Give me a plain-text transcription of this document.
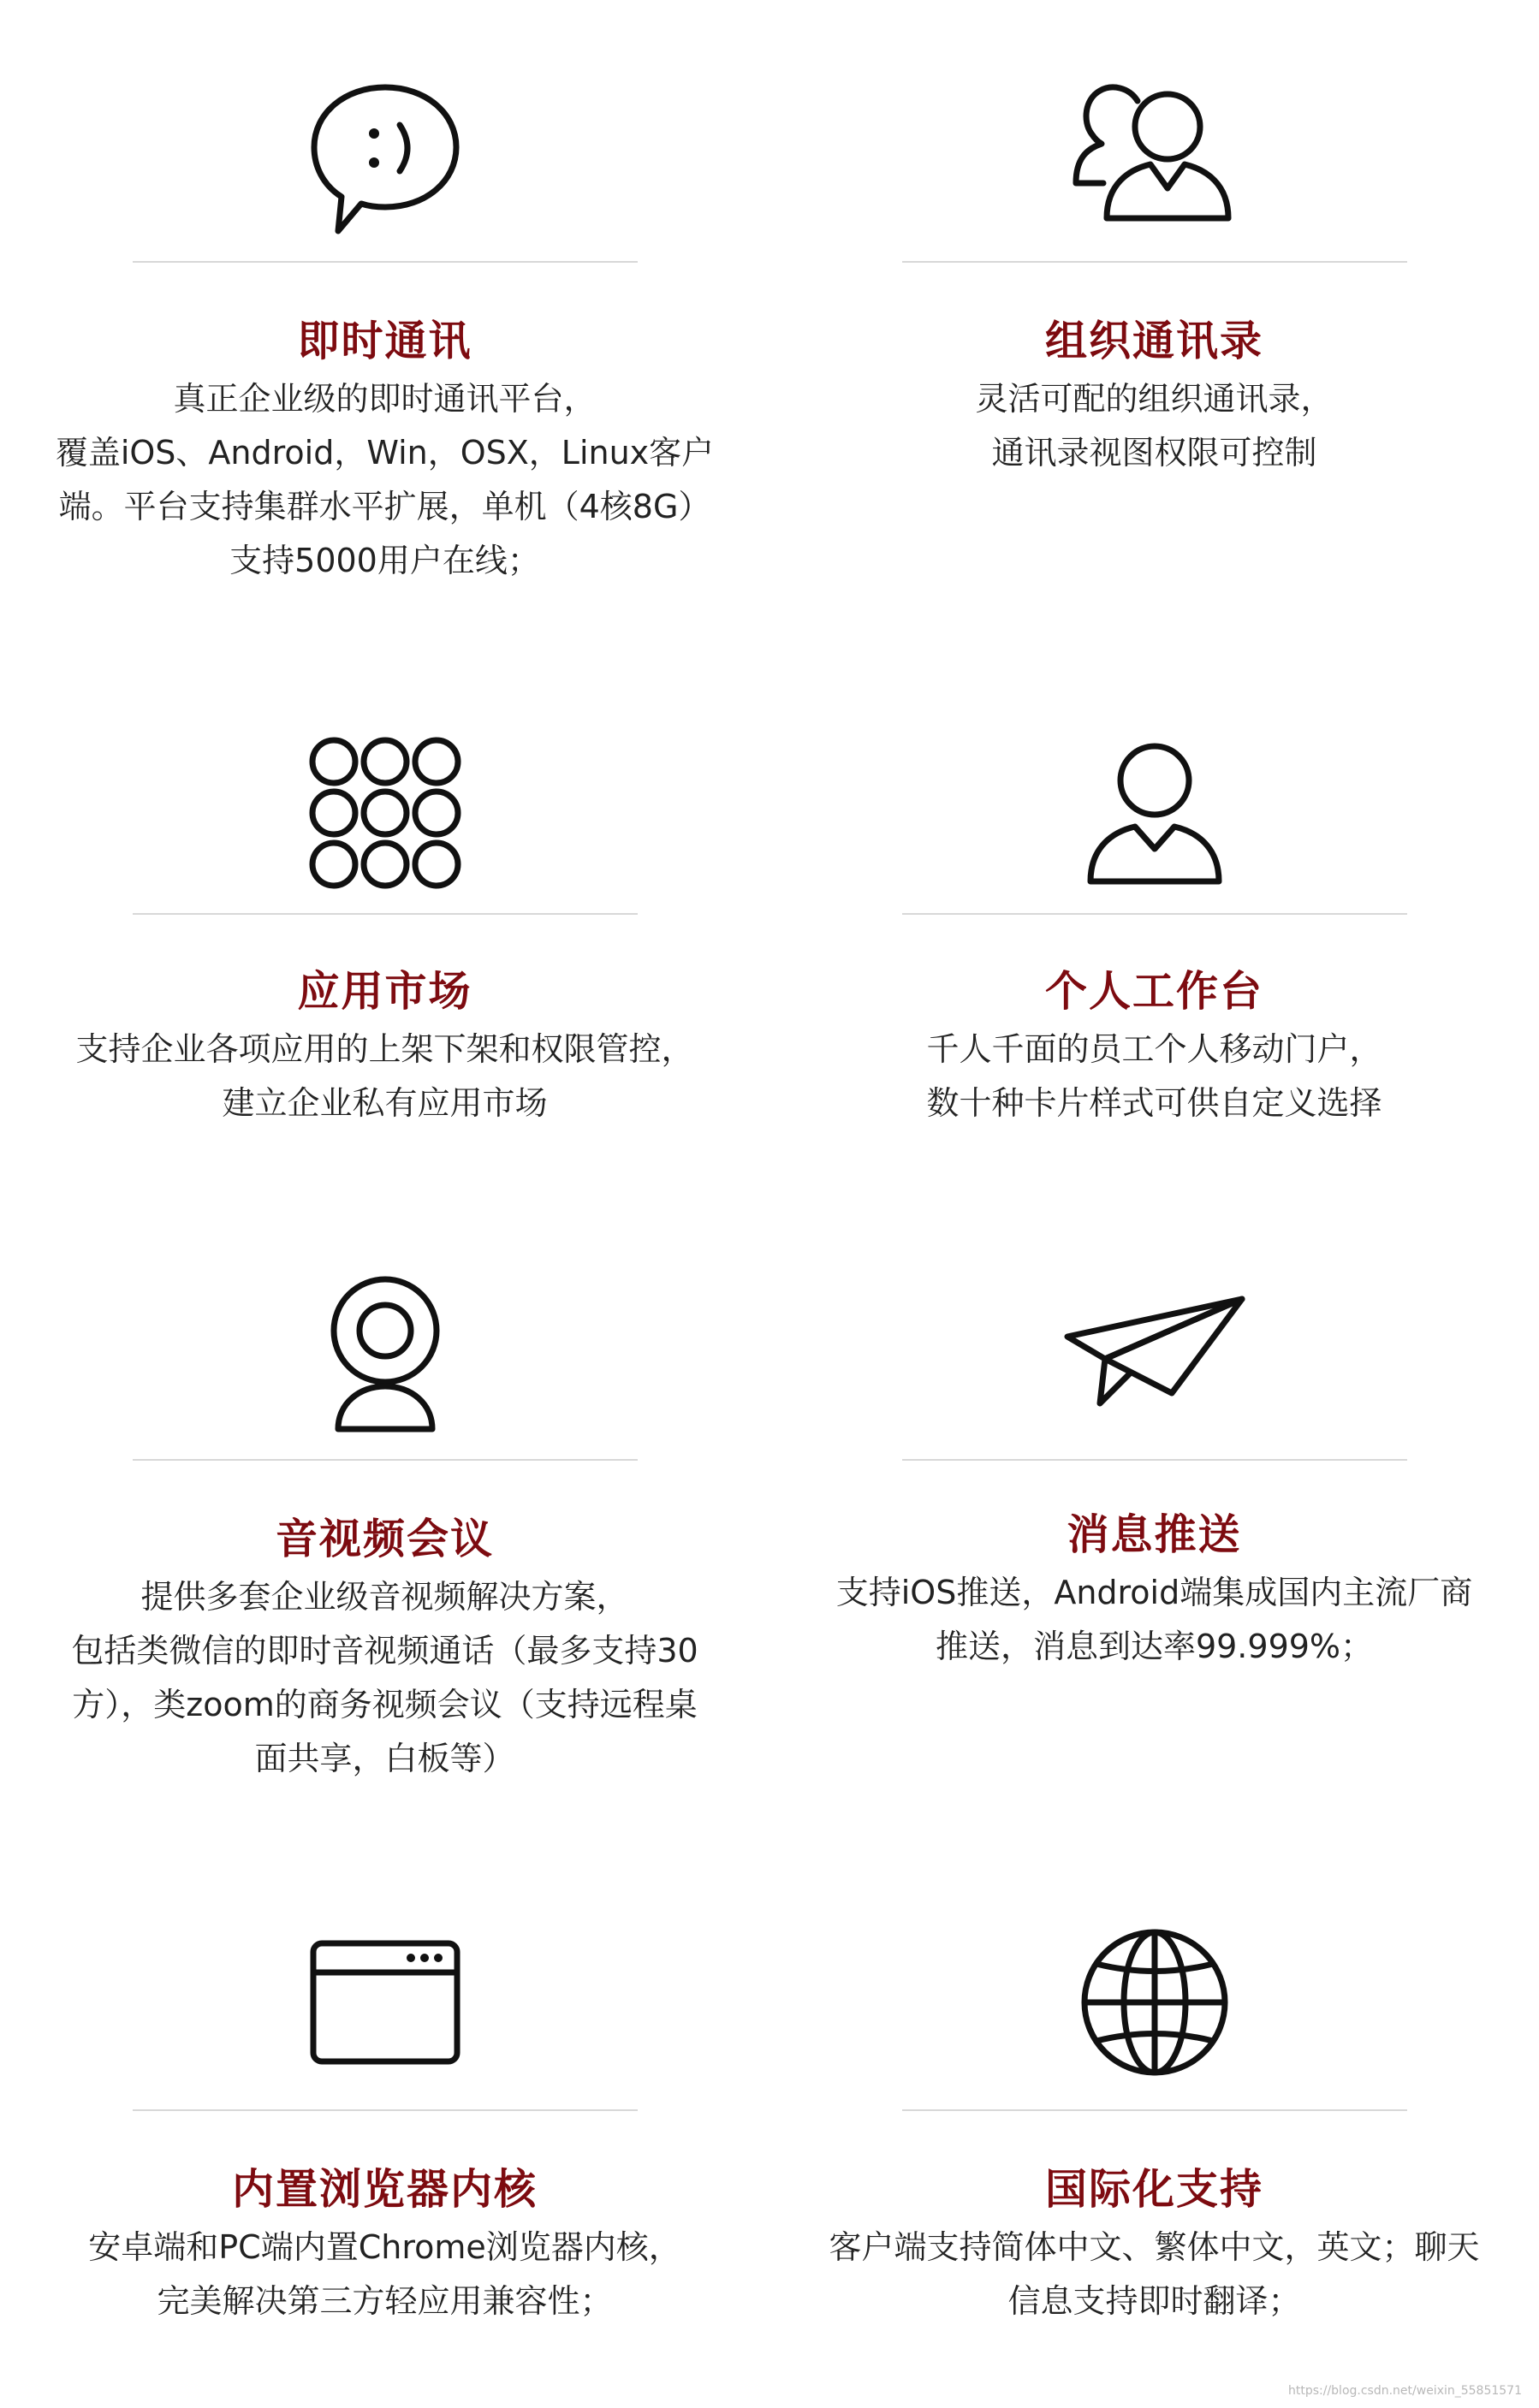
即时通讯
真正企业级的即时通讯平台，
覆盖iOS、Android，Win，OSX，Linux客户
端。平台支持集群水平扩展，单机（4核8G）
支持5000用户在线；
组织通讯录
灵活可配的组织通讯录，
通讯录视图权限可控制
应用市场
支持企业各项应用的上架下架和权限管控，
建立企业私有应用市场
个人工作台
千人千面的员工个人移动门户，
数十种卡片样式可供自定义选择
音视频会议
提供多套企业级音视频解决方案，
包括类微信的即时音视频通话（最多支持30
方），类zoom的商务视频会议（支持远程桌
面共享，白板等）
消息推送
支持iOS推送，Android端集成国内主流厂商
推送，消息到达率99.999%；
内置浏览器内核
安卓端和PC端内置Chrome浏览器内核，
完美解决第三方轻应用兼容性；
国际化支持
客户端支持简体中文、繁体中文，英文；聊天
信息支持即时翻译；
https://blog.csdn.net/weixin_55851571
